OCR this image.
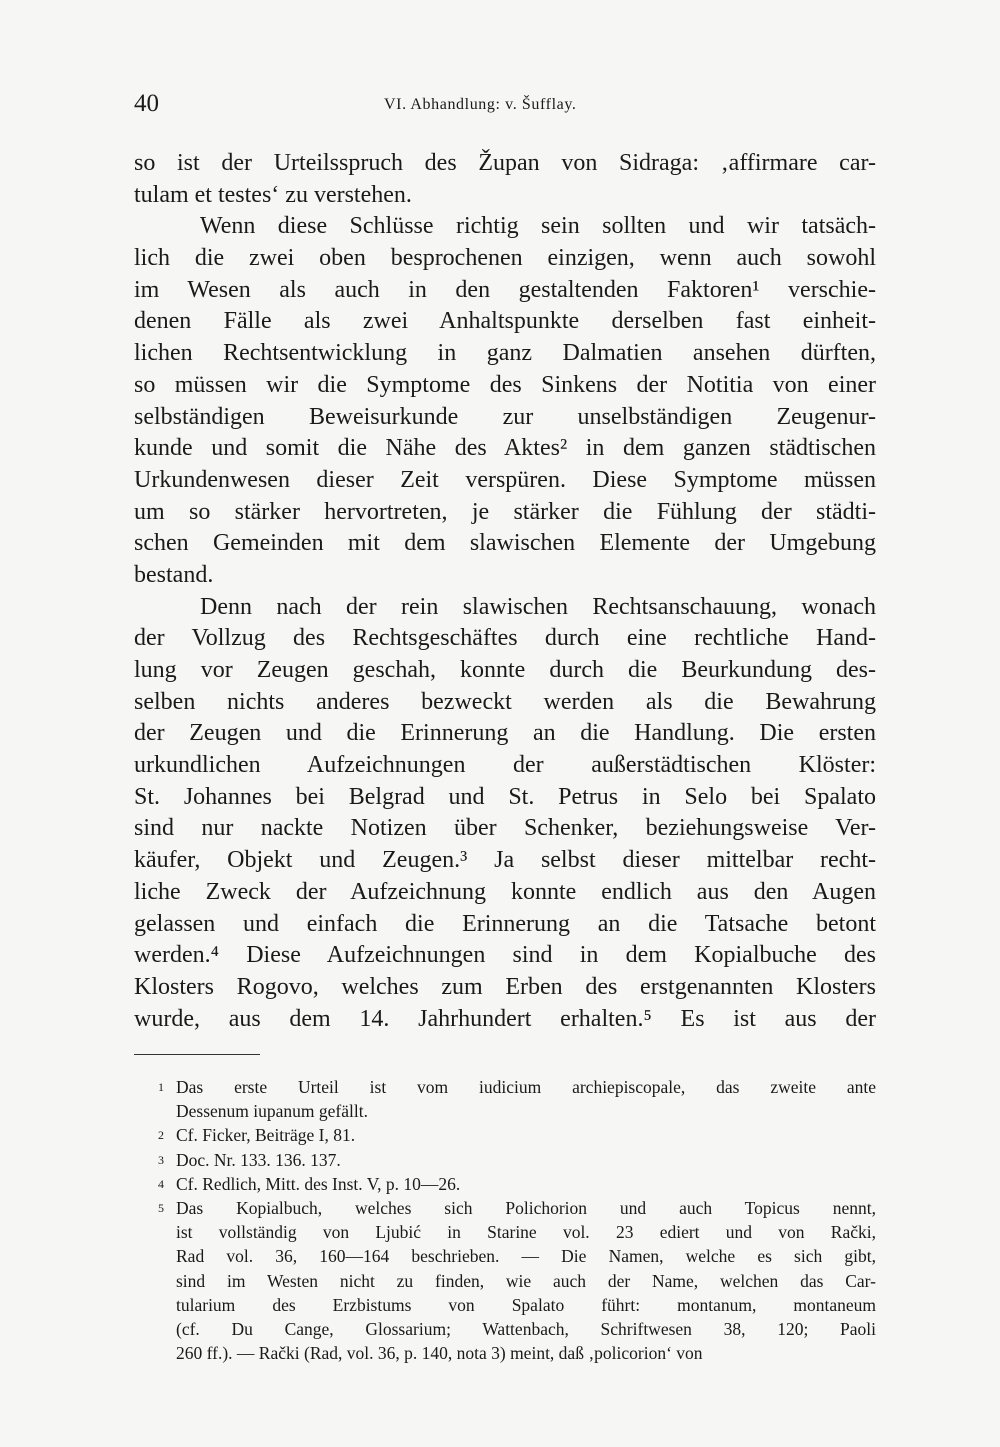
40	VI. Abhandlung: v. Šufflay.
so ist der Urteilsspruch des Župan von Sidraga: ‚affirmare car-
tulam et testes‘ zu verstehen.
Wenn diese Schlüsse richtig sein sollten und wir tatsäch-
lich die zwei oben besprochenen einzigen, wenn auch sowohl
im Wesen als auch in den gestaltenden Faktoren¹ verschie-
denen Fälle als zwei Anhaltspunkte derselben fast einheit-
lichen Rechtsentwicklung in ganz Dalmatien ansehen dürften,
so müssen wir die Symptome des Sinkens der Notitia von einer
selbständigen Beweisurkunde zur unselbständigen Zeugenur-
kunde und somit die Nähe des Aktes² in dem ganzen städtischen
Urkundenwesen dieser Zeit verspüren. Diese Symptome müssen
um so stärker hervortreten, je stärker die Fühlung der städti-
schen Gemeinden mit dem slawischen Elemente der Umgebung
bestand.
Denn nach der rein slawischen Rechtsanschauung, wonach
der Vollzug des Rechtsgeschäftes durch eine rechtliche Hand-
lung vor Zeugen geschah, konnte durch die Beurkundung des-
selben nichts anderes bezweckt werden als die Bewahrung
der Zeugen und die Erinnerung an die Handlung. Die ersten
urkundlichen Aufzeichnungen der außerstädtischen Klöster:
St. Johannes bei Belgrad und St. Petrus in Selo bei Spalato
sind nur nackte Notizen über Schenker, beziehungsweise Ver-
käufer, Objekt und Zeugen.³ Ja selbst dieser mittelbar recht-
liche Zweck der Aufzeichnung konnte endlich aus den Augen
gelassen und einfach die Erinnerung an die Tatsache betont
werden.⁴ Diese Aufzeichnungen sind in dem Kopialbuche des
Klosters Rogovo, welches zum Erben des erstgenannten Klosters
wurde, aus dem 14. Jahrhundert erhalten.⁵ Es ist aus der
1 Das erste Urteil ist vom iudicium archiepiscopale, das zweite ante
Dessenum iupanum gefällt.
2 Cf. Ficker, Beiträge I, 81.
3 Doc. Nr. 133. 136. 137.
4 Cf. Redlich, Mitt. des Inst. V, p. 10—26.
5 Das Kopialbuch, welches sich Polichorion und auch Topicus nennt,
ist vollständig von Ljubić in Starine vol. 23 ediert und von Rački,
Rad vol. 36, 160—164 beschrieben. — Die Namen, welche es sich gibt,
sind im Westen nicht zu finden, wie auch der Name, welchen das Car-
tularium des Erzbistums von Spalato führt: montanum, montaneum
(cf. Du Cange, Glossarium; Wattenbach, Schriftwesen 38, 120; Paoli
260 ff.). — Rački (Rad, vol. 36, p. 140, nota 3) meint, daß ‚policorion‘ von
